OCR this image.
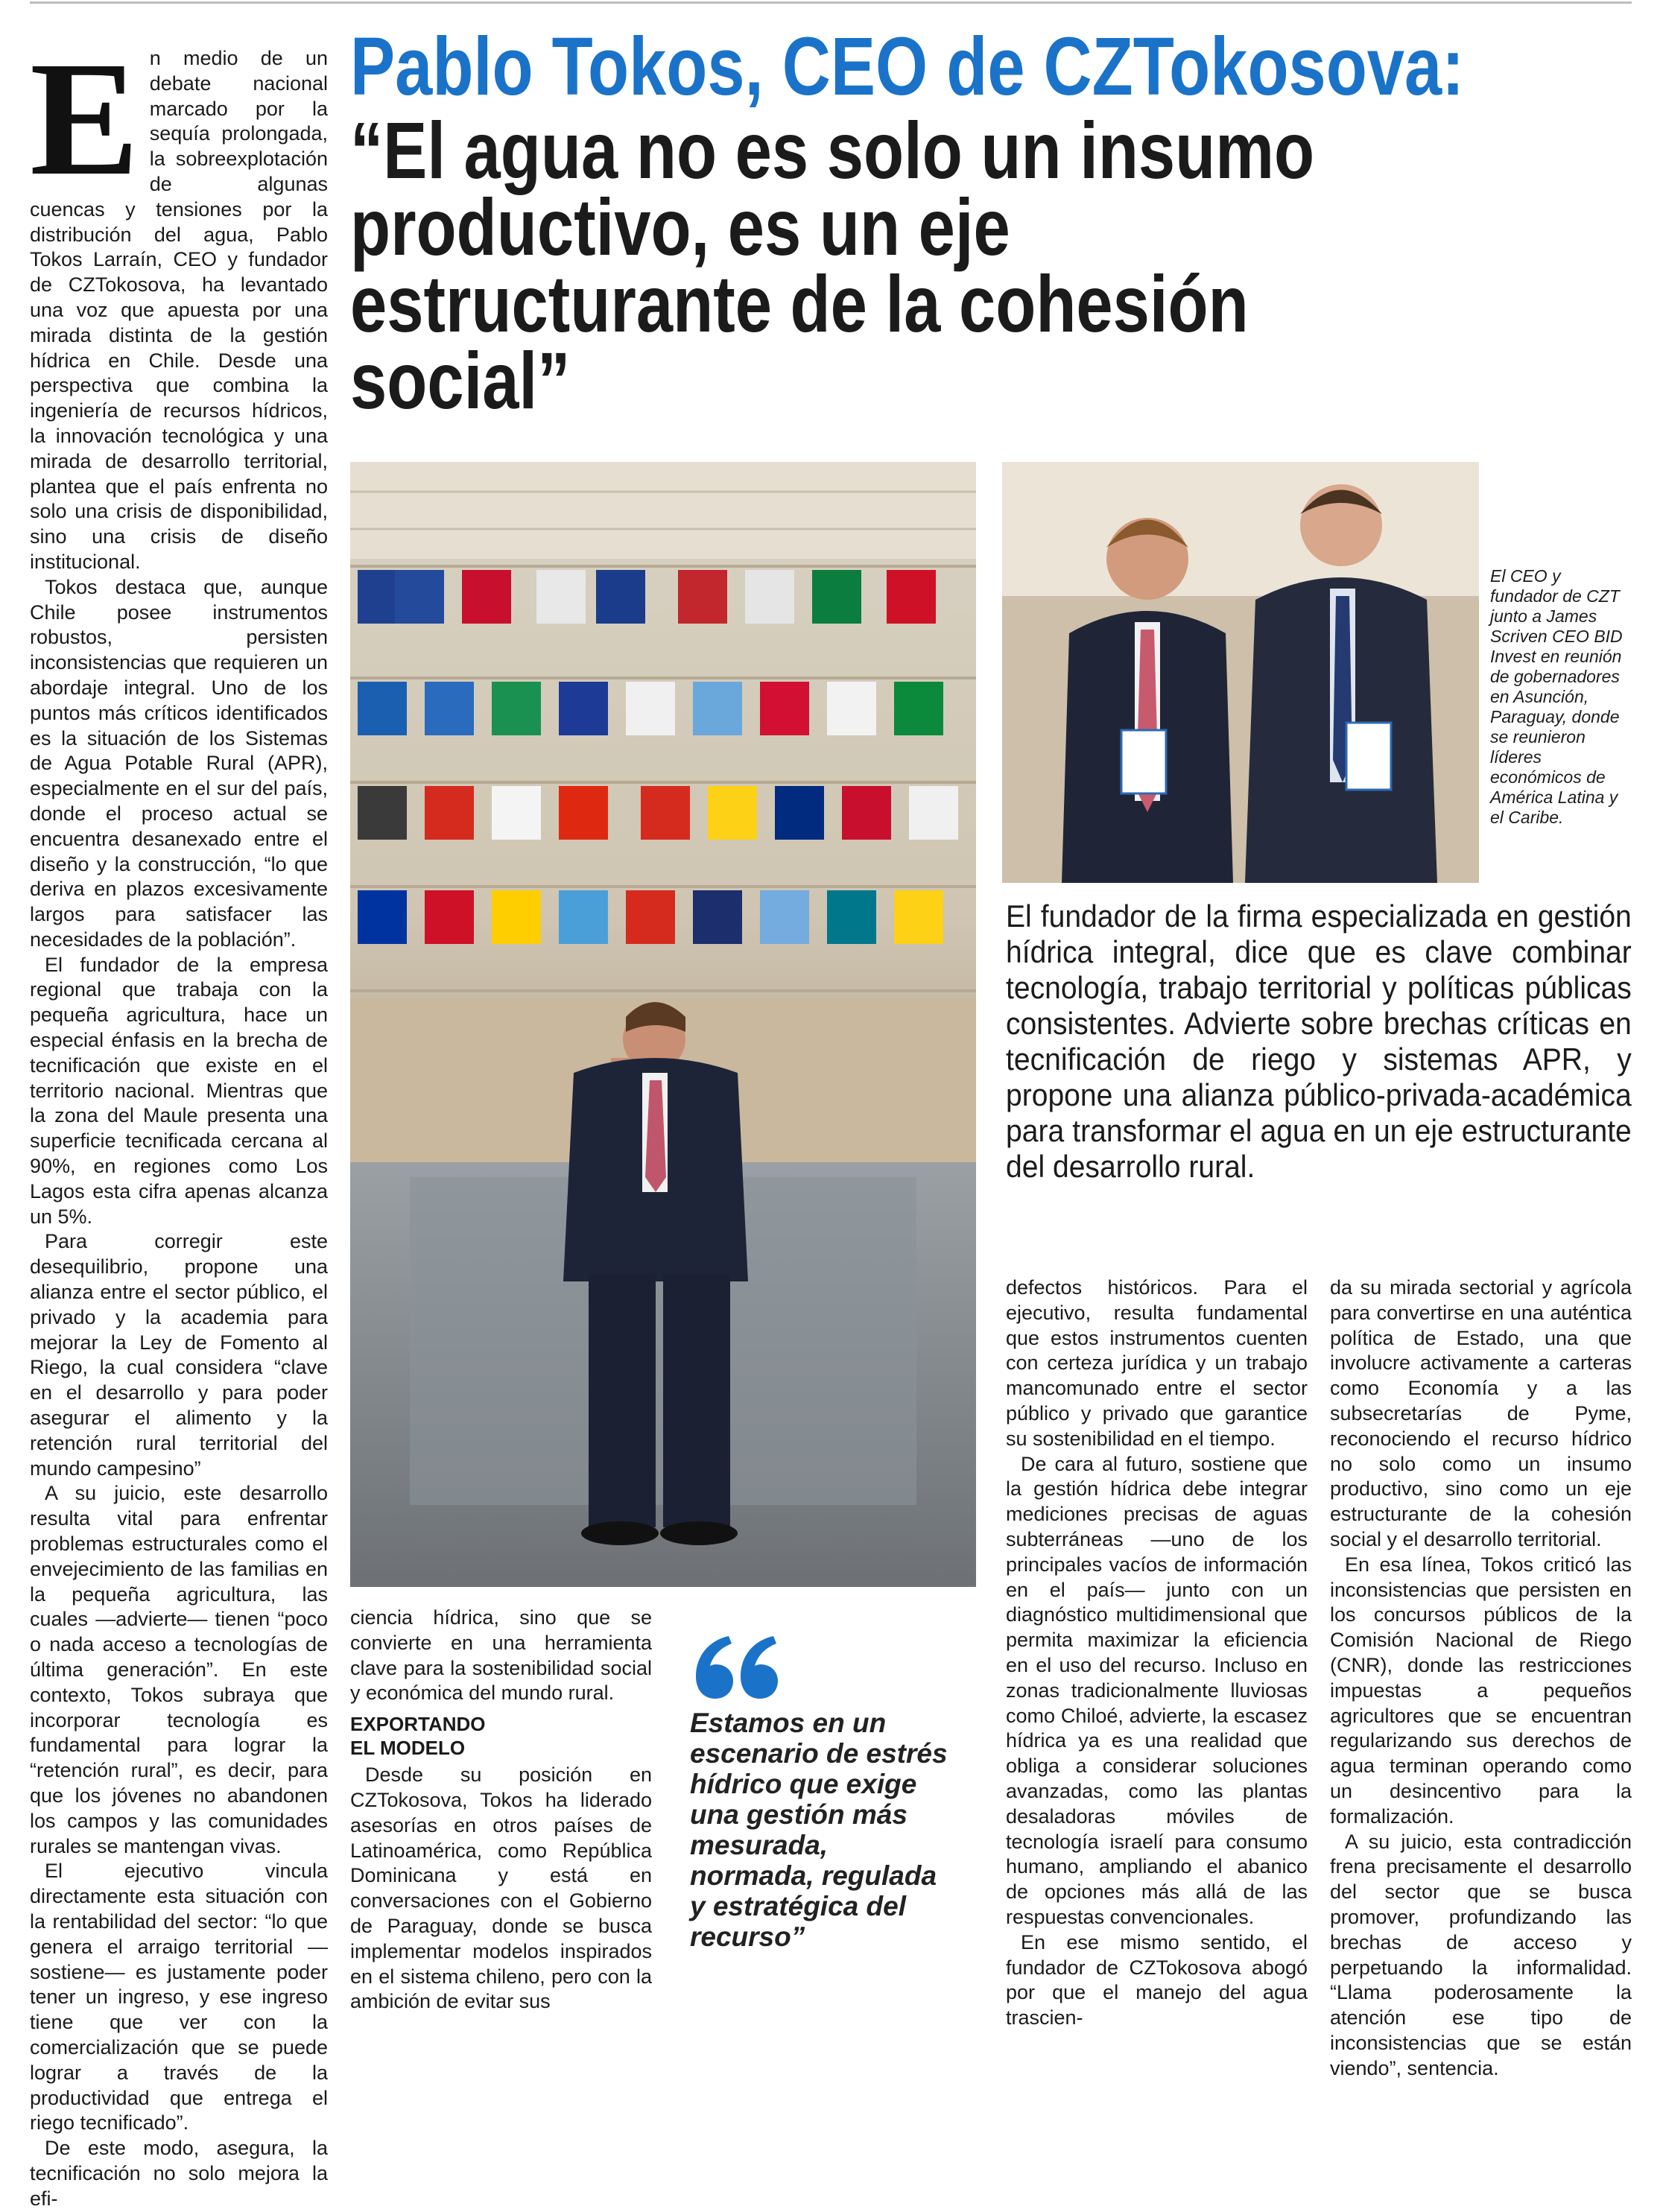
E n medio de un debate nacional marcado por la sequía prolongada, la sobreexplotación de algunas cuencas y tensiones por la distribución del agua, Pablo Tokos Larraín, CEO y fundador de CZTokosova, ha levantado una voz que apuesta por una mirada distinta de la gestión hídrica en Chile. Desde una perspectiva que combina la ingeniería de recursos hídricos, la innovación tecnológica y una mirada de desarrollo territorial, plantea que el país enfrenta no solo una crisis de disponibilidad, sino una crisis de diseño institucional.

Tokos destaca que, aunque Chile posee instrumentos robustos, persisten inconsistencias que requieren un abordaje integral. Uno de los puntos más críticos identificados es la situación de los Sistemas de Agua Potable Rural (APR), especialmente en el sur del país, donde el proceso actual se encuentra desanexado entre el diseño y la construcción, “lo que deriva en plazos excesivamente largos para satisfacer las necesidades de la población”.

El fundador de la empresa regional que trabaja con la pequeña agricultura, hace un especial énfasis en la brecha de tecnificación que existe en el territorio nacional. Mientras que la zona del Maule presenta una superficie tecnificada cercana al 90%, en regiones como Los Lagos esta cifra apenas alcanza un 5%.

Para corregir este desequilibrio, propone una alianza entre el sector público, el privado y la academia para mejorar la Ley de Fomento al Riego, la cual considera “clave en el desarrollo y para poder asegurar el alimento y la retención rural territorial del mundo campesino”

A su juicio, este desarrollo resulta vital para enfrentar problemas estructurales como el envejecimiento de las familias en la pequeña agricultura, las cuales —advierte— tienen “poco o nada acceso a tecnologías de última generación”. En este contexto, Tokos subraya que incorporar tecnología es fundamental para lograr la “retención rural”, es decir, para que los jóvenes no abandonen los campos y las comunidades rurales se mantengan vivas.

El ejecutivo vincula directamente esta situación con la rentabilidad del sector: “lo que genera el arraigo territorial —sostiene— es justamente poder tener un ingreso, y ese ingreso tiene que ver con la comercialización que se puede lograr a través de la productividad que entrega el riego tecnificado”.

De este modo, asegura, la tecnificación no solo mejora la efi-

Pablo Tokos, CEO de CZTokosova:
“El agua no es solo un insumo productivo, es un eje estructurante de la cohesión social”
El CEO y fundador de CZT junto a James Scriven CEO BID Invest en reunión de gobernadores en Asunción, Paraguay, donde se reunieron líderes económicos de América Latina y el Caribe.
El fundador de la firma especializada en gestión hídrica integral, dice que es clave combinar tecnología, trabajo territorial y políticas públicas consistentes. Advierte sobre brechas críticas en tecnificación de riego y sistemas APR, y propone una alianza público-privada-académica para transformar el agua en un eje estructurante del desarrollo rural.

ciencia hídrica, sino que se convierte en una herramienta clave para la sostenibilidad social y económica del mundo rural.

EXPORTANDO
EL MODELO

Desde su posición en CZTokosova, Tokos ha liderado asesorías en otros países de Latinoamérica, como República Dominicana y está en conversaciones con el Gobierno de Paraguay, donde se busca implementar modelos inspirados en el sistema chileno, pero con la ambición de evitar sus

Estamos en un escenario de estrés hídrico que exige una gestión más mesurada, normada, regulada y estratégica del recurso”

defectos históricos. Para el ejecutivo, resulta fundamental que estos instrumentos cuenten con certeza jurídica y un trabajo mancomunado entre el sector público y privado que garantice su sostenibilidad en el tiempo.

De cara al futuro, sostiene que la gestión hídrica debe integrar mediciones precisas de aguas subterráneas —uno de los principales vacíos de información en el país— junto con un diagnóstico multidimensional que permita maximizar la eficiencia en el uso del recurso. Incluso en zonas tradicionalmente lluviosas como Chiloé, advierte, la escasez hídrica ya es una realidad que obliga a considerar soluciones avanzadas, como las plantas desaladoras móviles de tecnología israelí para consumo humano, ampliando el abanico de opciones más allá de las respuestas convencionales.

En ese mismo sentido, el fundador de CZTokosova abogó por que el manejo del agua trascien-

da su mirada sectorial y agrícola para convertirse en una auténtica política de Estado, una que involucre activamente a carteras como Economía y a las subsecretarías de Pyme, reconociendo el recurso hídrico no solo como un insumo productivo, sino como un eje estructurante de la cohesión social y el desarrollo territorial.

En esa línea, Tokos criticó las inconsistencias que persisten en los concursos públicos de la Comisión Nacional de Riego (CNR), donde las restricciones impuestas a pequeños agricultores que se encuentran regularizando sus derechos de agua terminan operando como un desincentivo para la formalización.

A su juicio, esta contradicción frena precisamente el desarrollo del sector que se busca promover, profundizando las brechas de acceso y perpetuando la informalidad. “Llama poderosamente la atención ese tipo de inconsistencias que se están viendo”, sentencia.
